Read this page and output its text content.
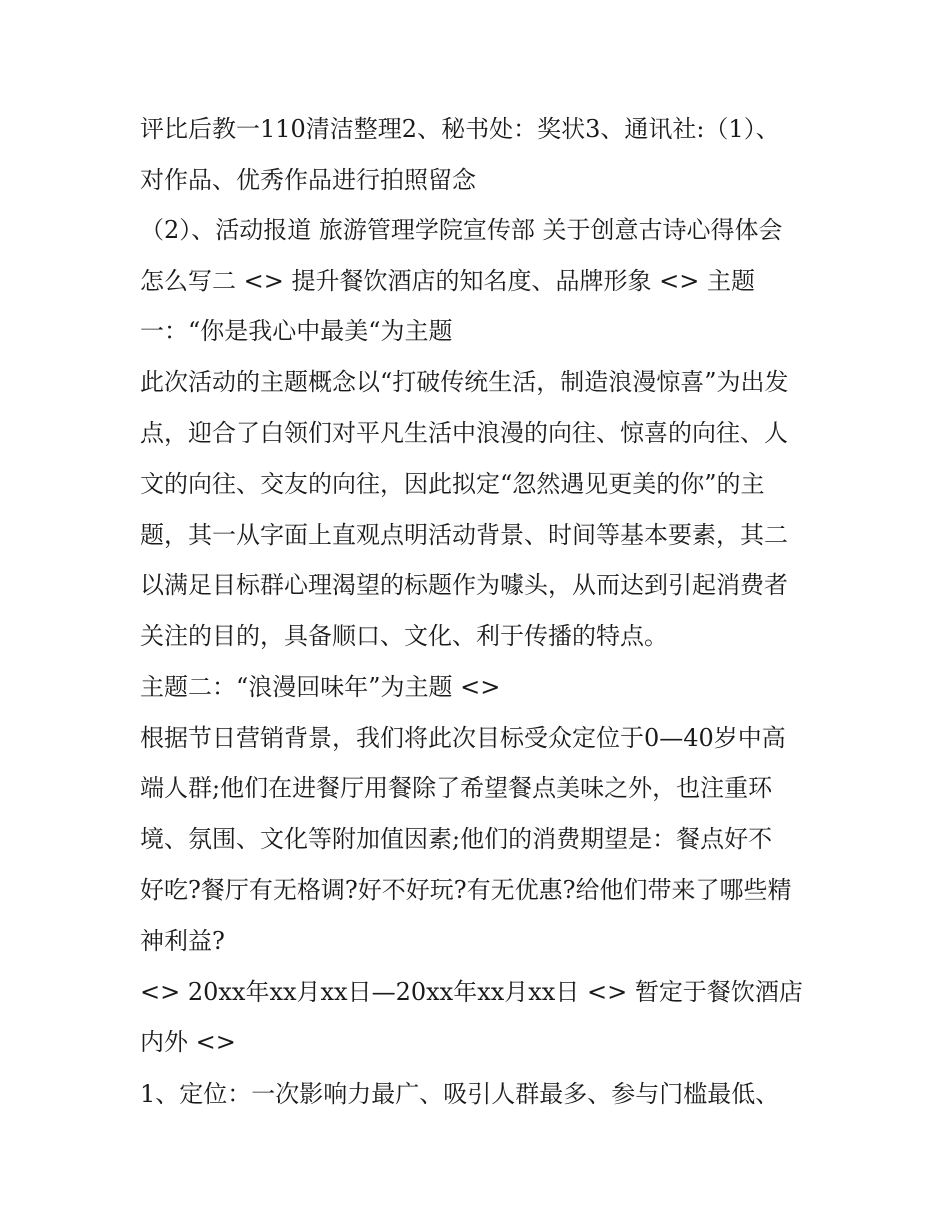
评比后教一110清洁整理2、秘书处：奖状3、通讯社:（1）、
对作品、优秀作品进行拍照留念
（2）、活动报道 旅游管理学院宣传部 关于创意古诗心得体会
怎么写二 <> 提升餐饮酒店的知名度、品牌形象 <> 主题
一：“你是我心中最美“为主题
此次活动的主题概念以“打破传统生活，制造浪漫惊喜”为出发
点，迎合了白领们对平凡生活中浪漫的向往、惊喜的向往、人
文的向往、交友的向往，因此拟定“忽然遇见更美的你”的主
题，其一从字面上直观点明活动背景、时间等基本要素，其二
以满足目标群心理渴望的标题作为噱头，从而达到引起消费者
关注的目的，具备顺口、文化、利于传播的特点。
主题二：“浪漫回味年”为主题 <>
根据节日营销背景，我们将此次目标受众定位于0—40岁中高
端人群;他们在进餐厅用餐除了希望餐点美味之外，也注重环
境、氛围、文化等附加值因素;他们的消费期望是：餐点好不
好吃?餐厅有无格调?好不好玩?有无优惠?给他们带来了哪些精
神利益?
<> 20xx年xx月xx日—20xx年xx月xx日 <> 暂定于餐饮酒店
内外 <>
1、定位：一次影响力最广、吸引人群最多、参与门槛最低、
